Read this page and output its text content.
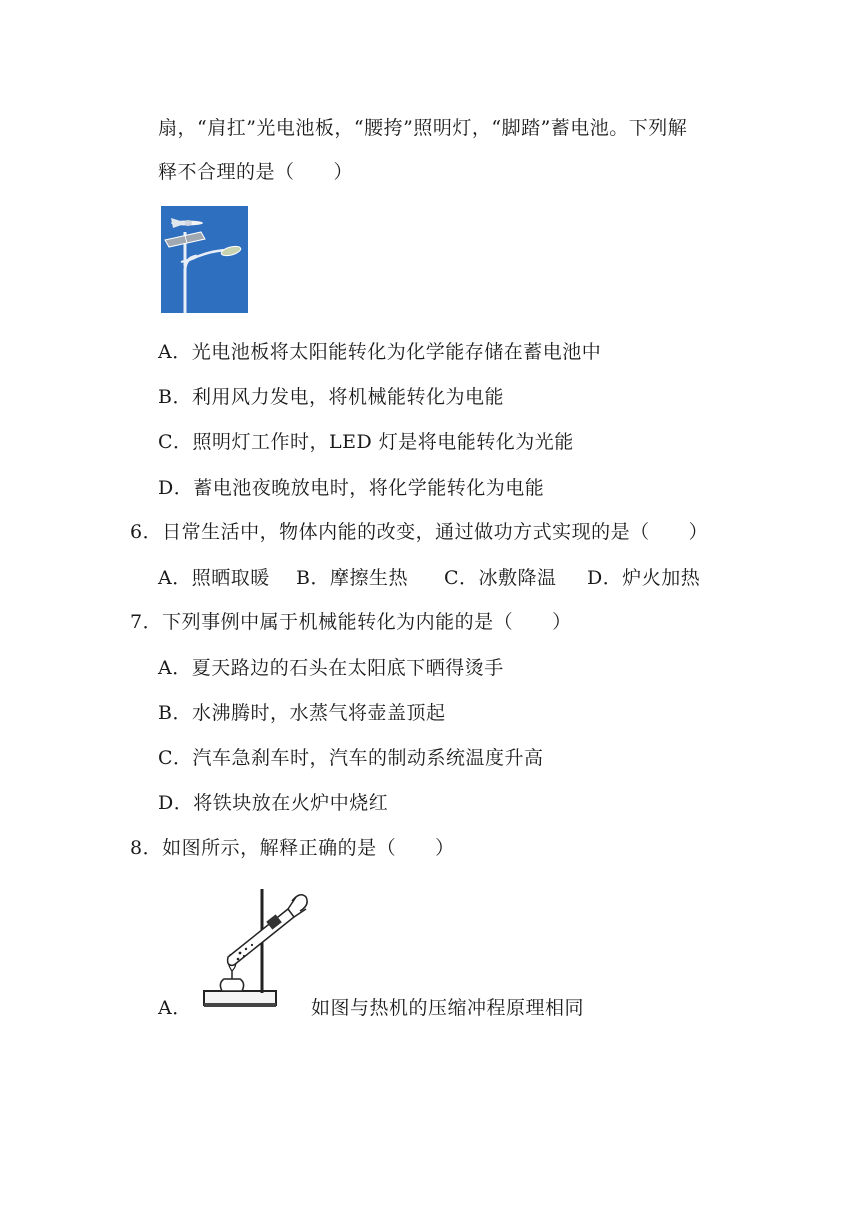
扇，“肩扛”光电池板，“腰挎”照明灯，“脚踏”蓄电池。下列解
释不合理的是（　　）
A．光电池板将太阳能转化为化学能存储在蓄电池中
B．利用风力发电，将机械能转化为电能
C．照明灯工作时，LED 灯是将电能转化为光能
D．蓄电池夜晚放电时，将化学能转化为电能
6．日常生活中，物体内能的改变，通过做功方式实现的是（　　）
A．照晒取暖 B．摩擦生热 C．冰敷降温 D．炉火加热
7．下列事例中属于机械能转化为内能的是（　　）
A．夏天路边的石头在太阳底下晒得烫手
B．水沸腾时，水蒸气将壶盖顶起
C．汽车急刹车时，汽车的制动系统温度升高
D．将铁块放在火炉中烧红
8．如图所示，解释正确的是（　　）
A．	如图与热机的压缩冲程原理相同
